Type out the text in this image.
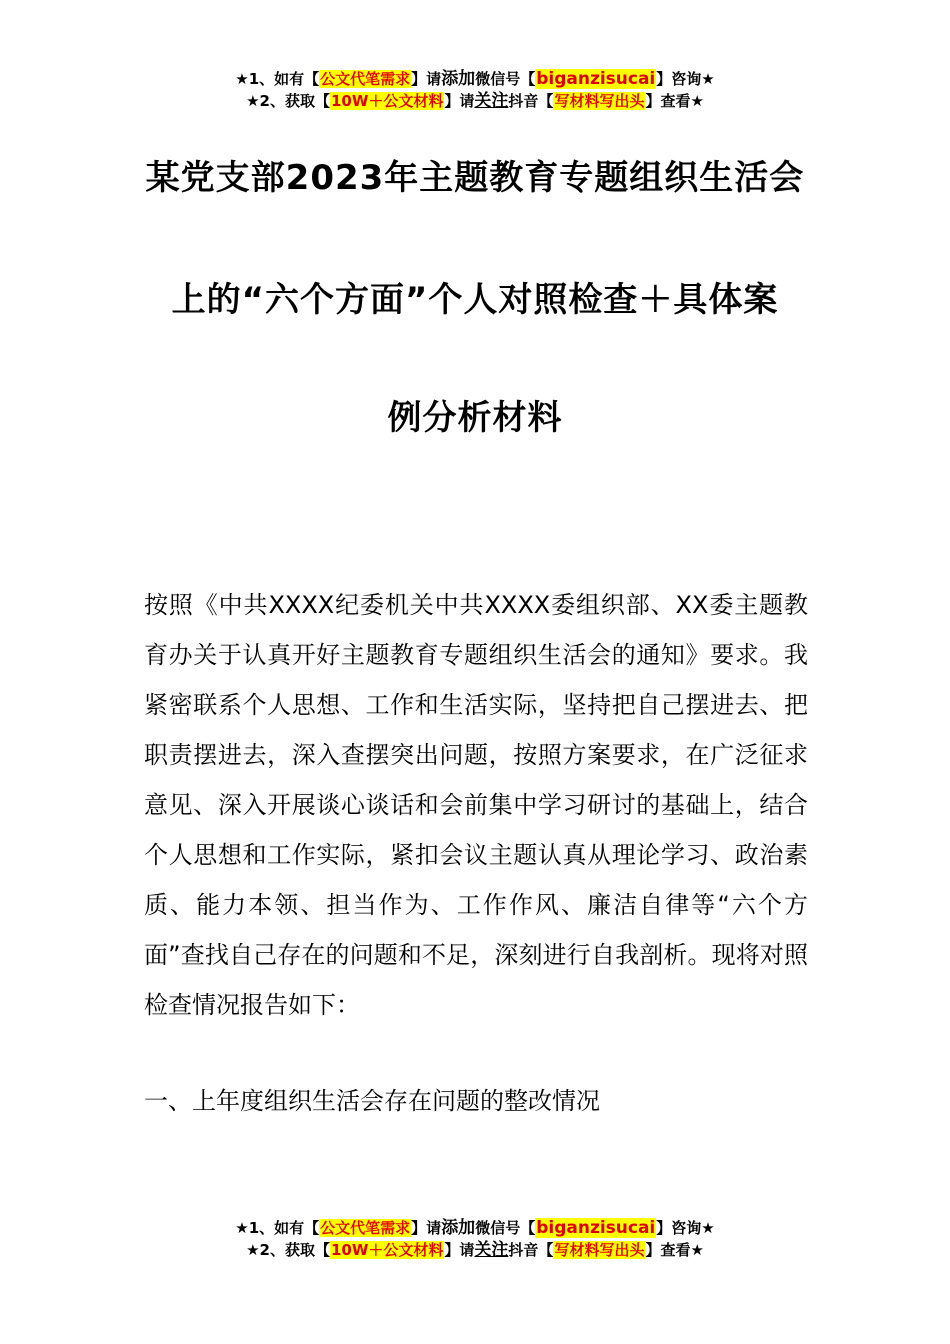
★1、如有【公文代笔需求】请添加微信号【biganzisucai】咨询★
★2、获取【10W＋公文材料】请关注抖音【写材料写出头】查看★
某党支部2023年主题教育专题组织生活会
上的“六个方面”个人对照检查＋具体案
例分析材料
按照《中共XXXX纪委机关中共XXXX委组织部、XX委主题教育办关于认真开好主题教育专题组织生活会的通知》要求。我紧密联系个人思想、工作和生活实际，坚持把自己摆进去、把职责摆进去，深入查摆突出问题，按照方案要求，在广泛征求意见、深入开展谈心谈话和会前集中学习研讨的基础上，结合个人思想和工作实际，紧扣会议主题认真从理论学习、政治素质、能力本领、担当作为、工作作风、廉洁自律等“六个方面”查找自己存在的问题和不足，深刻进行自我剖析。现将对照检查情况报告如下：
一、上年度组织生活会存在问题的整改情况
★1、如有【公文代笔需求】请添加微信号【biganzisucai】咨询★
★2、获取【10W＋公文材料】请关注抖音【写材料写出头】查看★
